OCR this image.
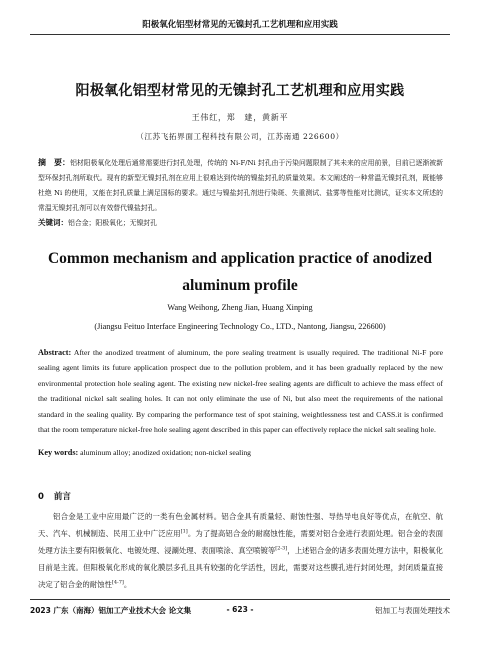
阳极氧化铝型材常见的无镍封孔工艺机理和应用实践
阳极氧化铝型材常见的无镍封孔工艺机理和应用实践
王伟红，郑　建，黄新平
（江苏飞拓界面工程科技有限公司，江苏南通 226600）
摘　要：铝材阳极氧化处理后通常需要进行封孔处理，传统的 Ni-F/Ni 封孔由于污染问题限制了其未来的应用前景，目前已逐渐被新型环保封孔剂所取代。现有的新型无镍封孔剂在应用上很难达到传统的镍盐封孔的质量效果。本文阐述的一种常温无镍封孔剂，既能够杜绝 Ni 的使用，又能在封孔质量上满足国标的要求。通过与镍盐封孔剂进行染斑、失重测试、盐雾等性能对比测试，证实本文所述的常温无镍封孔剂可以有效替代镍盐封孔。
关键词：铝合金；阳极氧化；无镍封孔
Common mechanism and application practice of anodized aluminum profile
Wang Weihong, Zheng Jian, Huang Xinping
(Jiangsu Feituo Interface Engineering Technology Co., LTD., Nantong, Jiangsu, 226600)
Abstract: After the anodized treatment of aluminum, the pore sealing treatment is usually required. The traditional Ni-F pore sealing agent limits its future application prospect due to the pollution problem, and it has been gradually replaced by the new environmental protection hole sealing agent. The existing new nickel-free sealing agents are difficult to achieve the mass effect of the traditional nickel salt sealing holes. It can not only eliminate the use of Ni, but also meet the requirements of the national standard in the sealing quality. By comparing the performance test of spot staining, weightlessness test and CASS.it is confirmed that the room temperature nickel-free hole sealing agent described in this paper can effectively replace the nickel salt sealing hole.
Key words: aluminum alloy; anodized oxidation; non-nickel sealing
0 前言
铝合金是工业中应用最广泛的一类有色金属材料。铝合金具有质量轻、耐蚀性强、导热导电良好等优点，在航空、航天、汽车、机械制造、民用工业中广泛应用[1]。为了提高铝合金的耐腐蚀性能，需要对铝合金进行表面处理。铝合金的表面处理方法主要有阳极氧化、电镀处理、浸涮处理、表面喷涂、真空喷镀等[2-3]，上述铝合金的诸多表面处理方法中，阳极氧化目前是主流。但阳极氧化形成的氧化膜层多孔且具有较强的化学活性，因此，需要对这些膜孔进行封闭处理，封闭质量直接决定了铝合金的耐蚀性[4-7]。
2023 广东（南海）铝加工产业技术大会 论文集	- 623 -	铝加工与表面处理技术
